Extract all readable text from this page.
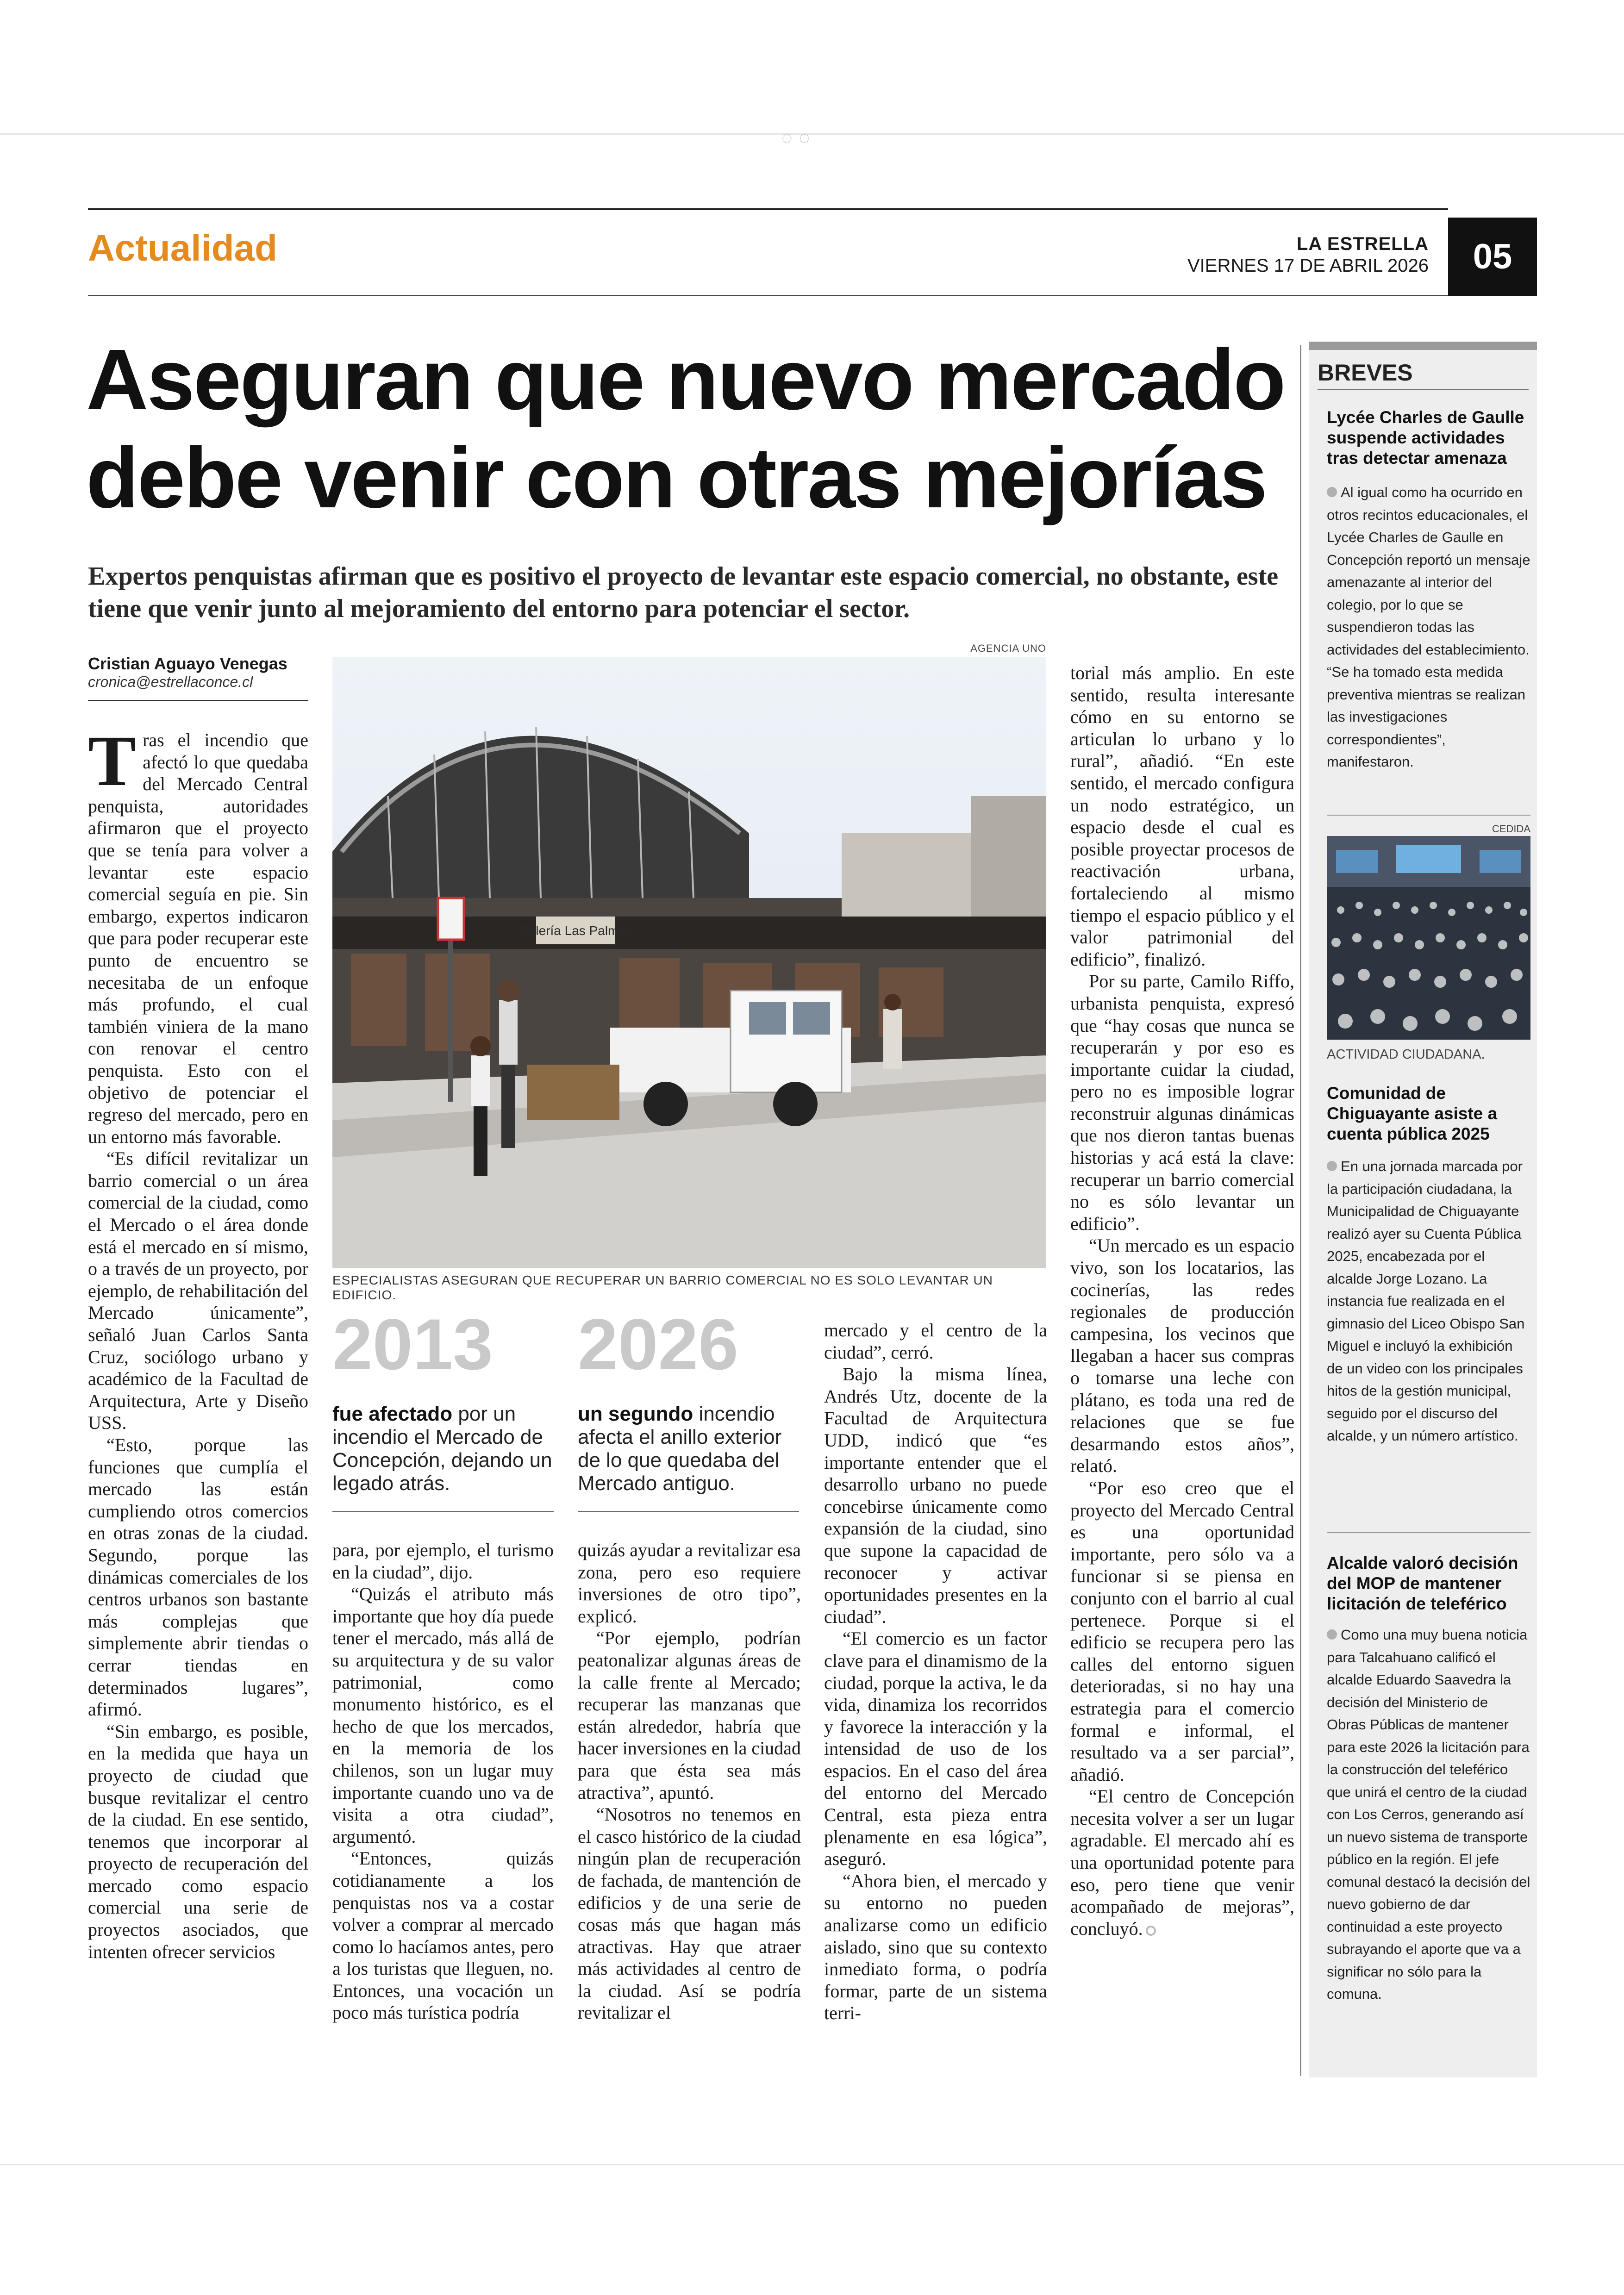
◌◌
Actualidad	LA ESTRELLA
VIERNES 17 DE ABRIL 2026	05
Aseguran que nuevo mercado
debe venir con otras mejorías
Expertos penquistas afirman que es positivo el proyecto de levantar este espacio comercial, no obstante, este tiene que venir junto al mejoramiento del entorno para potenciar el sector.
Cristian Aguayo Venegas
cronica@estrellaconce.cl

Tras el incendio que afectó lo que quedaba del Mercado Central penquista, autoridades afirmaron que el proyecto que se tenía para volver a levantar este espacio comercial seguía en pie. Sin embargo, expertos indicaron que para poder recuperar este punto de encuentro se necesitaba de un enfoque más profundo, el cual también viniera de la mano con renovar el centro penquista. Esto con el objetivo de potenciar el regreso del mercado, pero en un entorno más favorable.

“Es difícil revitalizar un barrio comercial o un área comercial de la ciudad, como el Mercado o el área donde está el mercado en sí mismo, o a través de un proyecto, por ejemplo, de rehabilitación del Mercado únicamente”, señaló Juan Carlos Santa Cruz, sociólogo urbano y académico de la Facultad de Arquitectura, Arte y Diseño USS.

“Esto, porque las funciones que cumplía el mercado las están cumpliendo otros comercios en otras zonas de la ciudad. Segundo, porque las dinámicas comerciales de los centros urbanos son bastante más complejas que simplemente abrir tiendas o cerrar tiendas en determinados lugares”, afirmó.

“Sin embargo, es posible, en la medida que haya un proyecto de ciudad que busque revitalizar el centro de la ciudad. En ese sentido, tenemos que incorporar al proyecto de recuperación del mercado como espacio comercial una serie de proyectos asociados, que intenten ofrecer servicios

AGENCIA UNO
Galería Las Palmas
ESPECIALISTAS ASEGURAN QUE RECUPERAR UN BARRIO COMERCIAL NO ES SOLO LEVANTAR UN EDIFICIO.
2013
fue afectado por un incendio el Mercado de Concepción, dejando un legado atrás.
2026
un segundo incendio afecta el anillo exterior de lo que quedaba del Mercado antiguo.

para, por ejemplo, el turismo en la ciudad”, dijo.

“Quizás el atributo más importante que hoy día puede tener el mercado, más allá de su arquitectura y de su valor patrimonial, como monumento histórico, es el hecho de que los mercados, en la memoria de los chilenos, son un lugar muy importante cuando uno va de visita a otra ciudad”, argumentó.

“Entonces, quizás cotidianamente a los penquistas nos va a costar volver a comprar al mercado como lo hacíamos antes, pero a los turistas que lleguen, no. Entonces, una vocación un poco más turística podría

quizás ayudar a revitalizar esa zona, pero eso requiere inversiones de otro tipo”, explicó.

“Por ejemplo, podrían peatonalizar algunas áreas de la calle frente al Mercado; recuperar las manzanas que están alrededor, habría que hacer inversiones en la ciudad para que ésta sea más atractiva”, apuntó.

“Nosotros no tenemos en el casco histórico de la ciudad ningún plan de recuperación de fachada, de mantención de edificios y de una serie de cosas más que hagan más atractivas. Hay que atraer más actividades al centro de la ciudad. Así se podría revitalizar el

mercado y el centro de la ciudad”, cerró.

Bajo la misma línea, Andrés Utz, docente de la Facultad de Arquitectura UDD, indicó que “es importante entender que el desarrollo urbano no puede concebirse únicamente como expansión de la ciudad, sino que supone la capacidad de reconocer y activar oportunidades presentes en la ciudad”.

“El comercio es un factor clave para el dinamismo de la ciudad, porque la activa, le da vida, dinamiza los recorridos y favorece la interacción y la intensidad de uso de los espacios. En el caso del área del entorno del Mercado Central, esta pieza entra plenamente en esa lógica”, aseguró.

“Ahora bien, el mercado y su entorno no pueden analizarse como un edificio aislado, sino que su contexto inmediato forma, o podría formar, parte de un sistema terri-

torial más amplio. En este sentido, resulta interesante cómo en su entorno se articulan lo urbano y lo rural”, añadió. “En este sentido, el mercado configura un nodo estratégico, un espacio desde el cual es posible proyectar procesos de reactivación urbana, fortaleciendo al mismo tiempo el espacio público y el valor patrimonial del edificio”, finalizó.

Por su parte, Camilo Riffo, urbanista penquista, expresó que “hay cosas que nunca se recuperarán y por eso es importante cuidar la ciudad, pero no es imposible lograr reconstruir algunas dinámicas que nos dieron tantas buenas historias y acá está la clave: recuperar un barrio comercial no es sólo levantar un edificio”.

“Un mercado es un espacio vivo, son los locatarios, las cocinerías, las redes regionales de producción campesina, los vecinos que llegaban a hacer sus compras o tomarse una leche con plátano, es toda una red de relaciones que se fue desarmando estos años”, relató.

“Por eso creo que el proyecto del Mercado Central es una oportunidad importante, pero sólo va a funcionar si se piensa en conjunto con el barrio al cual pertenece. Porque si el edificio se recupera pero las calles del entorno siguen deterioradas, si no hay una estrategia para el comercio formal e informal, el resultado va a ser parcial”, añadió.

“El centro de Concepción necesita volver a ser un lugar agradable. El mercado ahí es una oportunidad potente para eso, pero tiene que venir acompañado de mejoras”, concluyó.

BREVES
Lycée Charles de Gaulle suspende actividades tras detectar amenaza
Al igual como ha ocurrido en otros recintos educacionales, el Lycée Charles de Gaulle en Concepción reportó un mensaje amenazante al interior del colegio, por lo que se suspendieron todas las actividades del establecimiento. “Se ha tomado esta medida preventiva mientras se realizan las investigaciones correspondientes”, manifestaron.
CEDIDA
ACTIVIDAD CIUDADANA.
Comunidad de Chiguayante asiste a cuenta pública 2025
En una jornada marcada por la participación ciudadana, la Municipalidad de Chiguayante realizó ayer su Cuenta Pública 2025, encabezada por el alcalde Jorge Lozano. La instancia fue realizada en el gimnasio del Liceo Obispo San Miguel e incluyó la exhibición de un video con los principales hitos de la gestión municipal, seguido por el discurso del alcalde, y un número artístico.
Alcalde valoró decisión del MOP de mantener licitación de teleférico
Como una muy buena noticia para Talcahuano calificó el alcalde Eduardo Saavedra la decisión del Ministerio de Obras Públicas de mantener para este 2026 la licitación para la construcción del teleférico que unirá el centro de la ciudad con Los Cerros, generando así un nuevo sistema de transporte público en la región. El jefe comunal destacó la decisión del nuevo gobierno de dar continuidad a este proyecto subrayando el aporte que va a significar no sólo para la comuna.
